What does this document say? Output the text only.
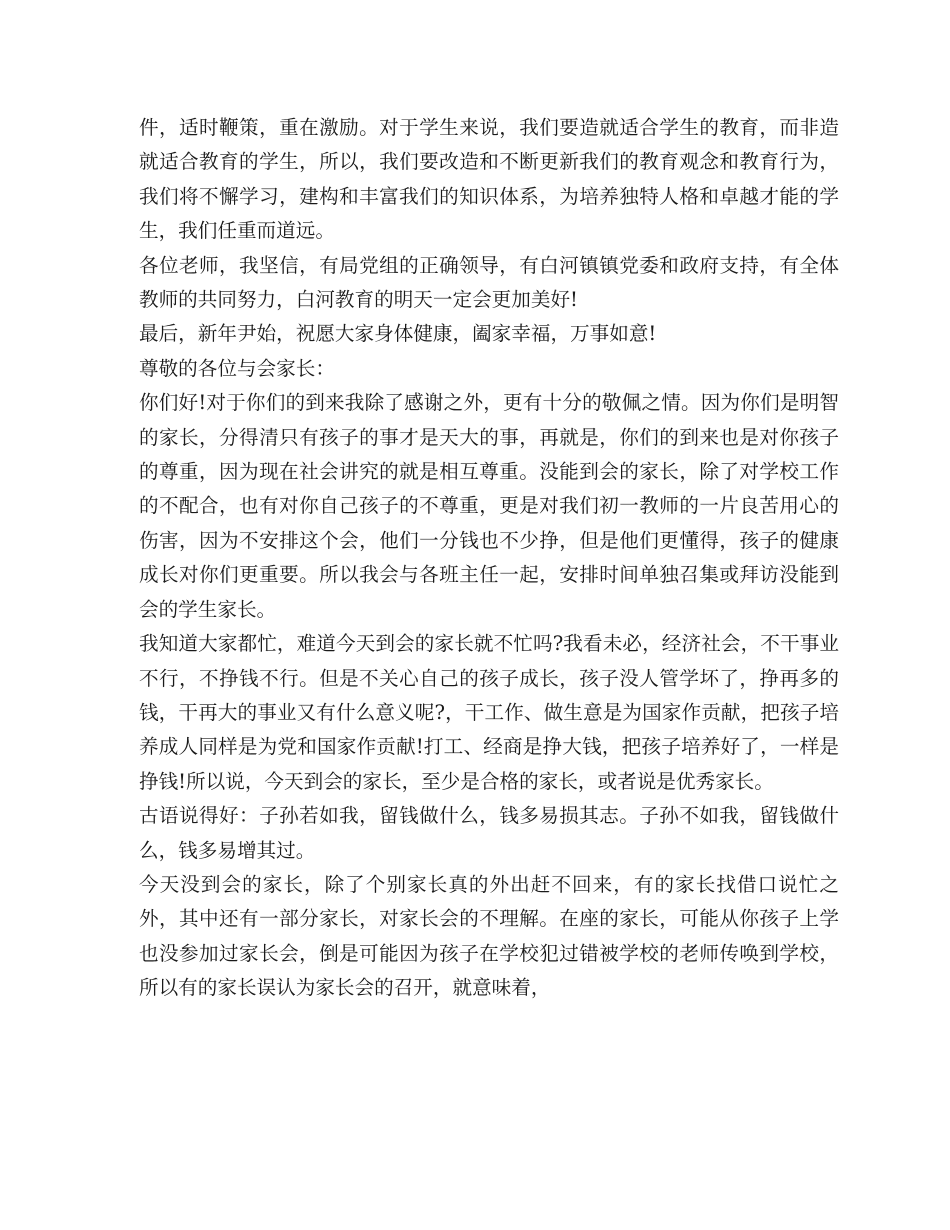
件，适时鞭策，重在激励。对于学生来说，我们要造就适合学生的教育，而非造就适合教育的学生，所以，我们要改造和不断更新我们的教育观念和教育行为，我们将不懈学习，建构和丰富我们的知识体系，为培养独特人格和卓越才能的学生，我们任重而道远。

各位老师，我坚信，有局党组的正确领导，有白河镇镇党委和政府支持，有全体教师的共同努力，白河教育的明天一定会更加美好!

最后，新年尹始，祝愿大家身体健康，阖家幸福，万事如意!

尊敬的各位与会家长：

你们好!对于你们的到来我除了感谢之外，更有十分的敬佩之情。因为你们是明智的家长，分得清只有孩子的事才是天大的事，再就是，你们的到来也是对你孩子的尊重，因为现在社会讲究的就是相互尊重。没能到会的家长，除了对学校工作的不配合，也有对你自己孩子的不尊重，更是对我们初一教师的一片良苦用心的伤害，因为不安排这个会，他们一分钱也不少挣，但是他们更懂得，孩子的健康成长对你们更重要。所以我会与各班主任一起，安排时间单独召集或拜访没能到会的学生家长。

我知道大家都忙，难道今天到会的家长就不忙吗?我看未必，经济社会，不干事业不行，不挣钱不行。但是不关心自己的孩子成长，孩子没人管学坏了，挣再多的钱，干再大的事业又有什么意义呢?，干工作、做生意是为国家作贡献，把孩子培养成人同样是为党和国家作贡献!打工、经商是挣大钱，把孩子培养好了，一样是挣钱!所以说，今天到会的家长，至少是合格的家长，或者说是优秀家长。

古语说得好：子孙若如我，留钱做什么，钱多易损其志。子孙不如我，留钱做什么，钱多易增其过。

今天没到会的家长，除了个别家长真的外出赶不回来，有的家长找借口说忙之外，其中还有一部分家长，对家长会的不理解。在座的家长，可能从你孩子上学也没参加过家长会，倒是可能因为孩子在学校犯过错被学校的老师传唤到学校，所以有的家长误认为家长会的召开，就意味着，
